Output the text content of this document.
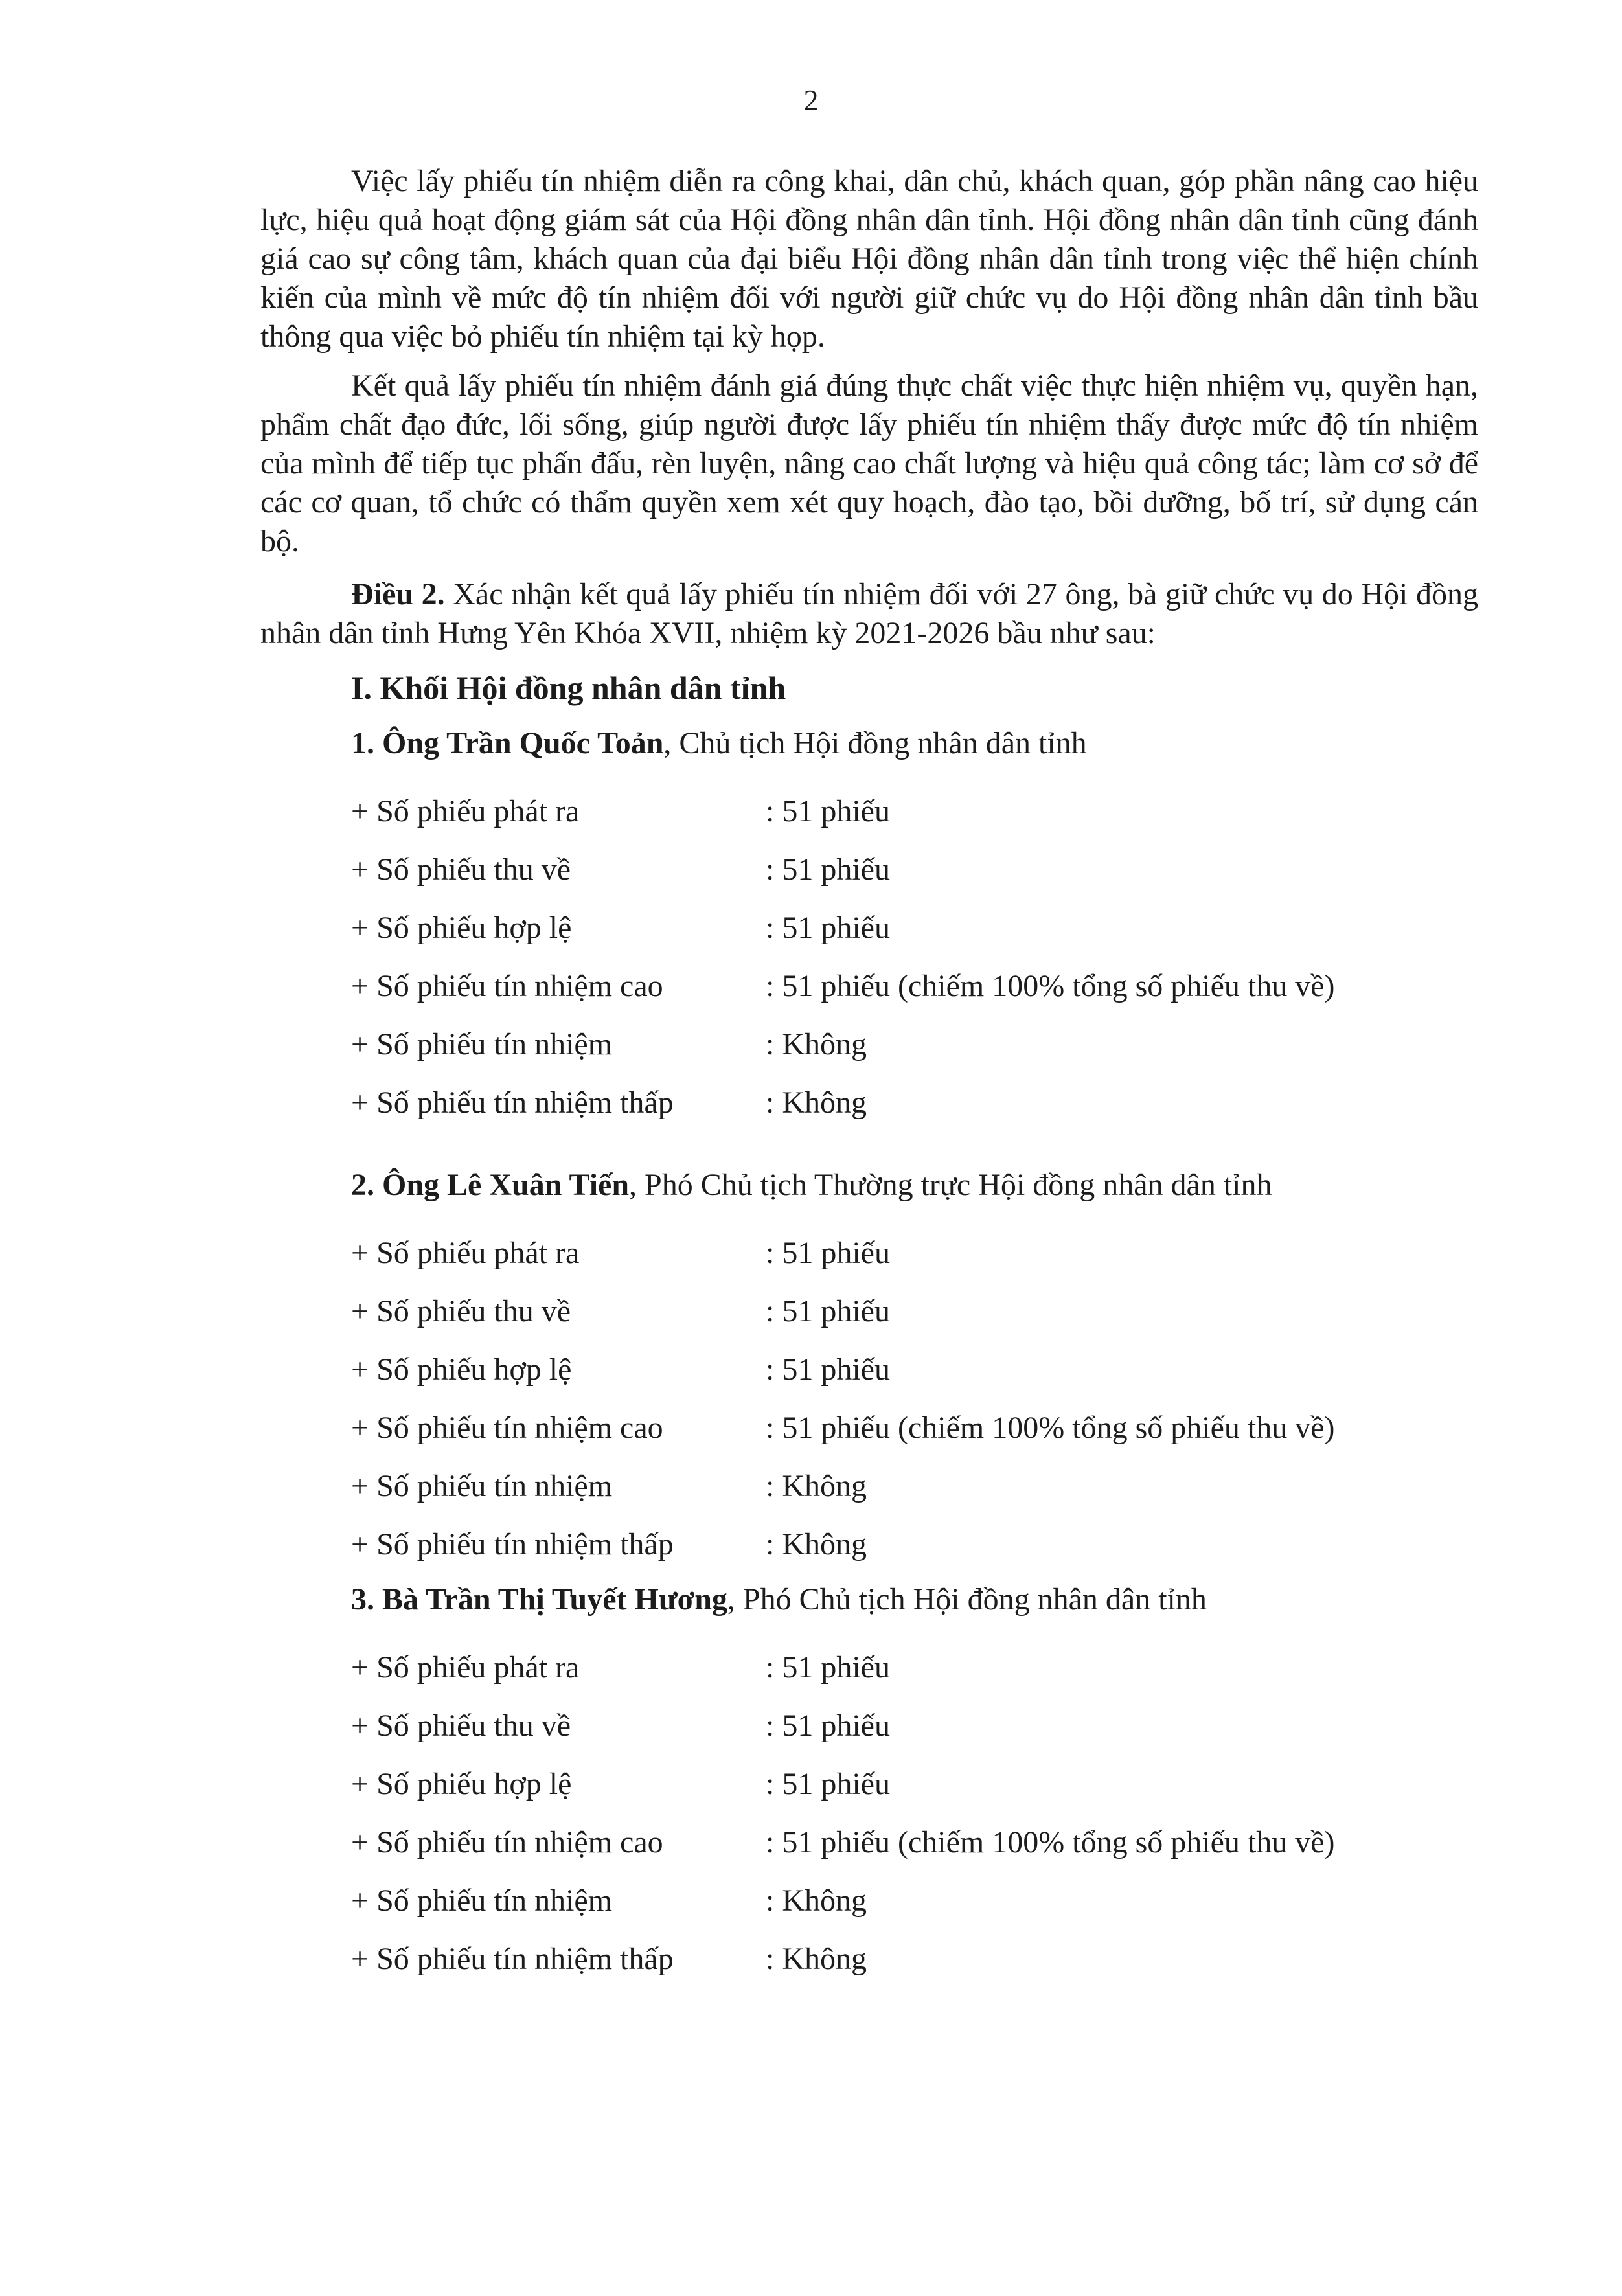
2

Việc lấy phiếu tín nhiệm diễn ra công khai, dân chủ, khách quan, góp phần nâng cao hiệu lực, hiệu quả hoạt động giám sát của Hội đồng nhân dân tỉnh. Hội đồng nhân dân tỉnh cũng đánh giá cao sự công tâm, khách quan của đại biểu Hội đồng nhân dân tỉnh trong việc thể hiện chính kiến của mình về mức độ tín nhiệm đối với người giữ chức vụ do Hội đồng nhân dân tỉnh bầu thông qua việc bỏ phiếu tín nhiệm tại kỳ họp.

Kết quả lấy phiếu tín nhiệm đánh giá đúng thực chất việc thực hiện nhiệm vụ, quyền hạn, phẩm chất đạo đức, lối sống, giúp người được lấy phiếu tín nhiệm thấy được mức độ tín nhiệm của mình để tiếp tục phấn đấu, rèn luyện, nâng cao chất lượng và hiệu quả công tác; làm cơ sở để các cơ quan, tổ chức có thẩm quyền xem xét quy hoạch, đào tạo, bồi dưỡng, bố trí, sử dụng cán bộ.

Điều 2. Xác nhận kết quả lấy phiếu tín nhiệm đối với 27 ông, bà giữ chức vụ do Hội đồng nhân dân tỉnh Hưng Yên Khóa XVII, nhiệm kỳ 2021-2026 bầu như sau:

I. Khối Hội đồng nhân dân tỉnh
1. Ông Trần Quốc Toản, Chủ tịch Hội đồng nhân dân tỉnh
+ Số phiếu phát ra	: 51 phiếu
+ Số phiếu thu về	: 51 phiếu
+ Số phiếu hợp lệ	: 51 phiếu
+ Số phiếu tín nhiệm cao	: 51 phiếu (chiếm 100% tổng số phiếu thu về)
+ Số phiếu tín nhiệm	: Không
+ Số phiếu tín nhiệm thấp	: Không
2. Ông Lê Xuân Tiến, Phó Chủ tịch Thường trực Hội đồng nhân dân tỉnh
+ Số phiếu phát ra	: 51 phiếu
+ Số phiếu thu về	: 51 phiếu
+ Số phiếu hợp lệ	: 51 phiếu
+ Số phiếu tín nhiệm cao	: 51 phiếu (chiếm 100% tổng số phiếu thu về)
+ Số phiếu tín nhiệm	: Không
+ Số phiếu tín nhiệm thấp	: Không
3. Bà Trần Thị Tuyết Hương, Phó Chủ tịch Hội đồng nhân dân tỉnh
+ Số phiếu phát ra	: 51 phiếu
+ Số phiếu thu về	: 51 phiếu
+ Số phiếu hợp lệ	: 51 phiếu
+ Số phiếu tín nhiệm cao	: 51 phiếu (chiếm 100% tổng số phiếu thu về)
+ Số phiếu tín nhiệm	: Không
+ Số phiếu tín nhiệm thấp	: Không
